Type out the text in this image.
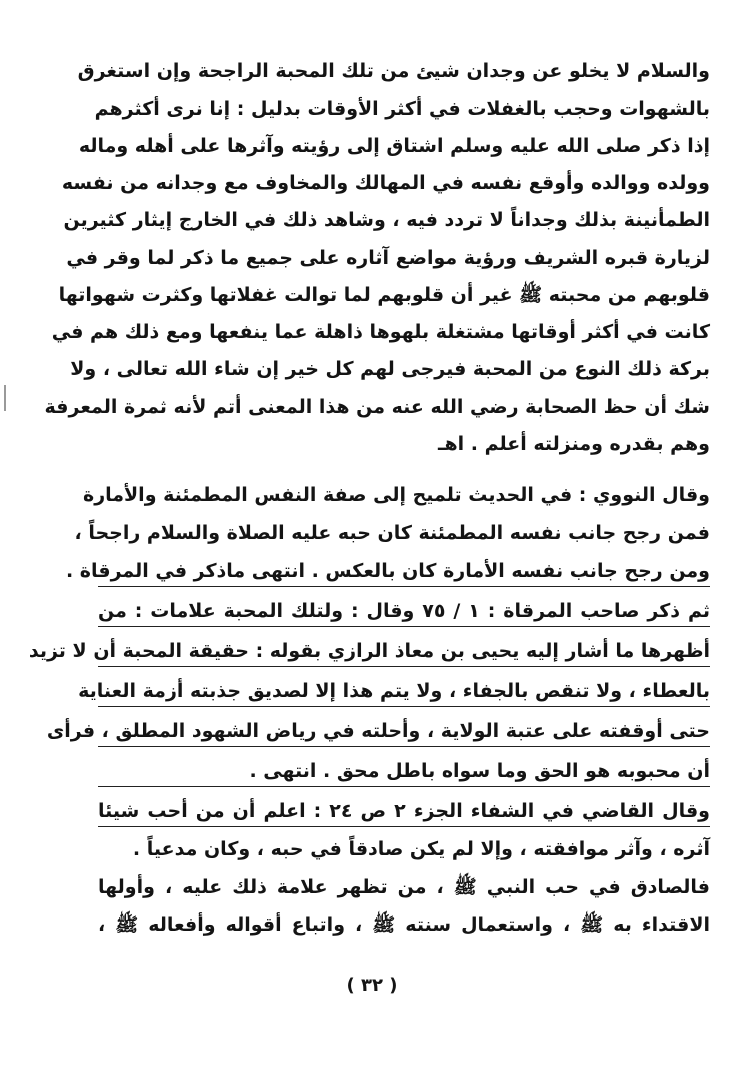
والسلام لا يخلو عن وجدان شيئ من تلك المحبة الراجحة وإن استغرق
بالشهوات وحجب بالغفلات في أكثر الأوقات بدليل : إنا نرى أكثرهم
إذا ذكر صلى الله عليه وسلم اشتاق إلى رؤيته وآثرها على أهله وماله
وولده ووالده وأوقع نفسه في المهالك والمخاوف مع وجدانه من نفسه
الطمأنينة بذلك وجداناً لا تردد فيه ، وشاهد ذلك في الخارج إيثار كثيرين
لزيارة قبره الشريف ورؤية مواضع آثاره على جميع ما ذكر لما وقر في
قلوبهم من محبته ﷺ غير أن قلوبهم لما توالت غفلاتها وكثرت شهواتها
كانت في أكثر أوقاتها مشتغلة بلهوها ذاهلة عما ينفعها ومع ذلك هم في
بركة ذلك النوع من المحبة فيرجى لهم كل خير إن شاء الله تعالى ، ولا
شك أن حظ الصحابة رضي الله عنه من هذا المعنى أتم لأنه ثمرة المعرفة
وهم بقدره ومنزلته أعلم . اهـ
وقال النووي : في الحديث تلميح إلى صفة النفس المطمئنة والأمارة
فمن رجح جانب نفسه المطمئنة كان حبه عليه الصلاة والسلام راجحاً ،
ومن رجح جانب نفسه الأمارة كان بالعكس . انتهى ماذكر في المرقاة .
ثم ذكر صاحب المرقاة : ١ / ٧٥ وقال : ولتلك المحبة علامات : من
أظهرها ما أشار إليه يحيى بن معاذ الرازي بقوله : حقيقة المحبة أن لا تزيد
بالعطاء ، ولا تنقص بالجفاء ، ولا يتم هذا إلا لصديق جذبته أزمة العناية
حتى أوقفته على عتبة الولاية ، وأحلته في رياض الشهود المطلق ، فرأى
أن محبوبه هو الحق وما سواه باطل محق . انتهى .
وقال القاضي في الشفاء الجزء ٢ ص ٢٤ : اعلم أن من أحب شيئا
آثره ، وآثر موافقته ، وإلا لم يكن صادقاً في حبه ، وكان مدعياً .
فالصادق في حب النبي ﷺ ، من تظهر علامة ذلك عليه ، وأولها
الاقتداء به ﷺ ، واستعمال سنته ﷺ ، واتباع أقواله وأفعاله ﷺ ،
( ٣٢ )
